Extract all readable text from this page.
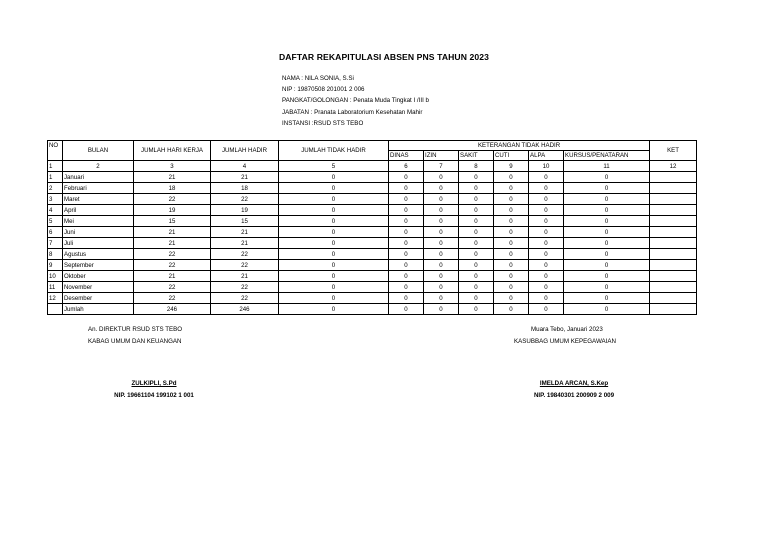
DAFTAR REKAPITULASI ABSEN PNS TAHUN 2023
NAMA : NILA SONIA, S.Si
NIP : 19870508 201001 2 006
PANGKAT/GOLONGAN : Penata Muda Tingkat I /III b
JABATAN : Pranata Laboratorium Kesehatan Mahir
INSTANSI :RSUD STS TEBO
NO	BULAN	JUMLAH HARI KERJA	JUMLAH HADIR	JUMLAH TIDAK HADIR	KETERANGAN TIDAK HADIR						KET
					DINAS	IZIN	SAKIT	CUTI	ALPA	KURSUS/PENATARAN	
1	2	3	4	5	6	7	8	9	10	11	12
1	Januari	21	21	0	0	0	0	0	0	0	
2	Februari	18	18	0	0	0	0	0	0	0	
3	Maret	22	22	0	0	0	0	0	0	0	
4	April	19	19	0	0	0	0	0	0	0	
5	Mei	15	15	0	0	0	0	0	0	0	
6	Juni	21	21	0	0	0	0	0	0	0	
7	Juli	21	21	0	0	0	0	0	0	0	
8	Agustus	22	22	0	0	0	0	0	0	0	
9	September	22	22	0	0	0	0	0	0	0	
10	Oktober	21	21	0	0	0	0	0	0	0	
11	November	22	22	0	0	0	0	0	0	0	
12	Desember	22	22	0	0	0	0	0	0	0	
	Jumlah	246	246	0	0	0	0	0	0	0	
An. DIREKTUR RSUD STS TEBO
KABAG UMUM DAN KEUANGAN
ZULKIPLI, S.Pd
NIP. 19661104 199102 1 001
Muara Tebo, Januari 2023
KASUBBAG UMUM KEPEGAWAIAN
IMELDA ARCAN, S.Kep
NIP. 19840301 200909 2 009
